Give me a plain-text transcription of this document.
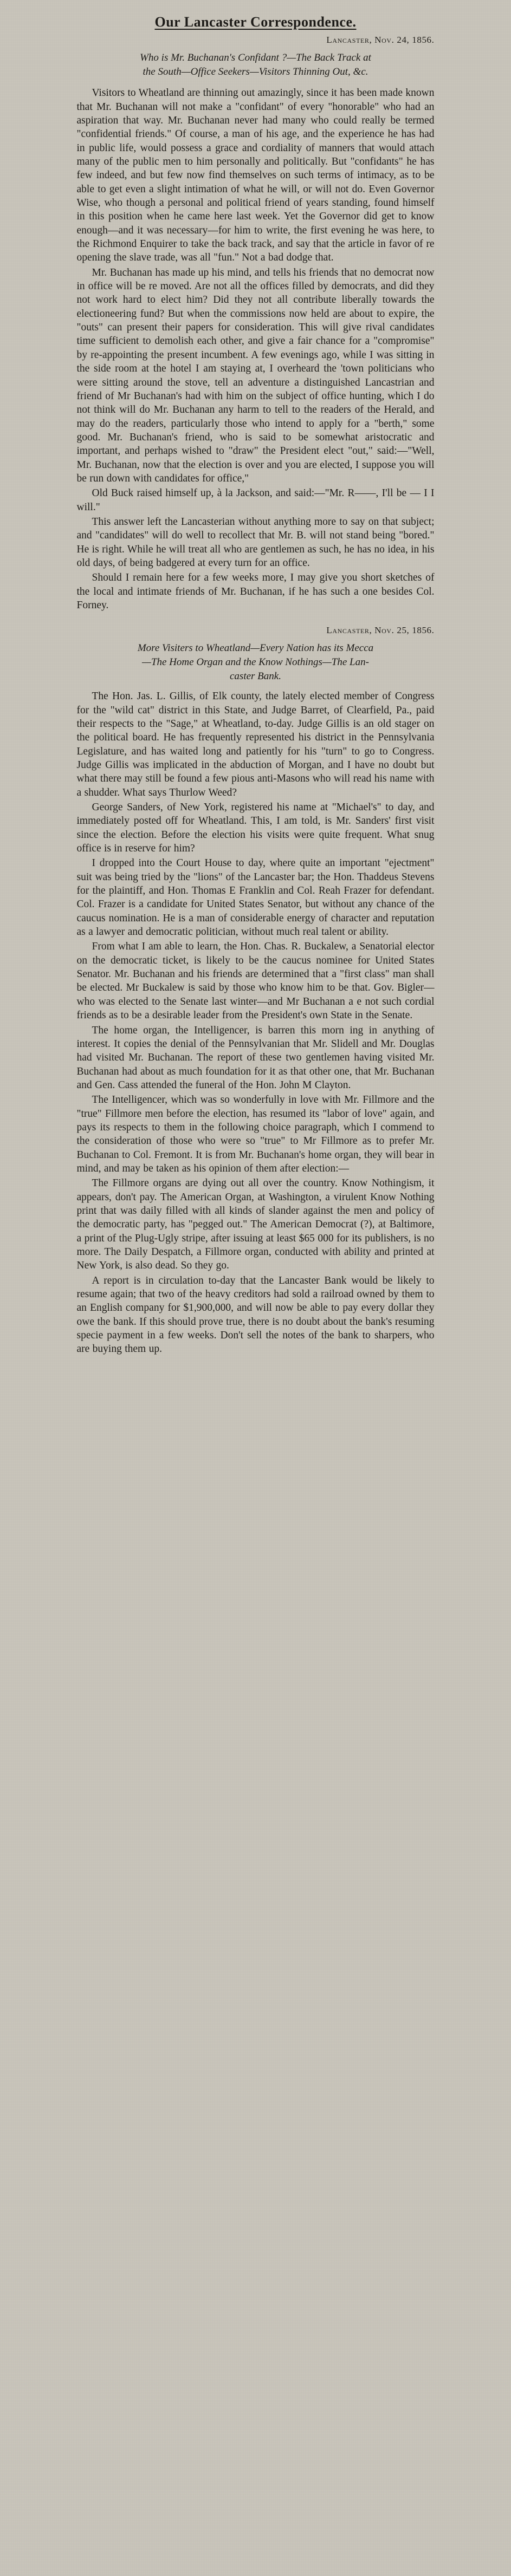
Our Lancaster Correspondence.
Lancaster, Nov. 24, 1856.
Who is Mr. Buchanan's Confidant ?—The Back Track at
the South—Office Seekers—Visitors Thinning Out, &c.

Visitors to Wheatland are thinning out amazingly, since it has been made known that Mr. Buchanan will not make a "confidant" of every "honorable" who had an aspiration that way. Mr. Buchanan never had many who could really be termed "confidential friends." Of course, a man of his age, and the experience he has had in public life, would possess a grace and cordiality of manners that would attach many of the public men to him personally and politically. But "confidants" he has few indeed, and but few now find themselves on such terms of intimacy, as to be able to get even a slight intimation of what he will, or will not do. Even Governor Wise, who though a personal and political friend of years standing, found himself in this position when he came here last week. Yet the Governor did get to know enough—and it was necessary—for him to write, the first evening he was here, to the Richmond Enquirer to take the back track, and say that the article in favor of re opening the slave trade, was all "fun." Not a bad dodge that.

Mr. Buchanan has made up his mind, and tells his friends that no democrat now in office will be re moved. Are not all the offices filled by democrats, and did they not work hard to elect him? Did they not all contribute liberally towards the electioneering fund? But when the commissions now held are about to expire, the "outs" can present their papers for consideration. This will give rival candidates time sufficient to demolish each other, and give a fair chance for a "compromise" by re-appointing the present incumbent. A few evenings ago, while I was sitting in the side room at the hotel I am staying at, I overheard the 'town politicians who were sitting around the stove, tell an adventure a distinguished Lancastrian and friend of Mr Buchanan's had with him on the subject of office hunting, which I do not think will do Mr. Buchanan any harm to tell to the readers of the Herald, and may do the readers, particularly those who intend to apply for a "berth," some good. Mr. Buchanan's friend, who is said to be somewhat aristocratic and important, and perhaps wished to "draw" the President elect "out," said:—"Well, Mr. Buchanan, now that the election is over and you are elected, I suppose you will be run down with candidates for office,"

Old Buck raised himself up, à la Jackson, and said:—"Mr. R——, I'll be — I I will."

This answer left the Lancasterian without anything more to say on that subject; and "candidates" will do well to recollect that Mr. B. will not stand being "bored." He is right. While he will treat all who are gentlemen as such, he has no idea, in his old days, of being badgered at every turn for an office.

Should I remain here for a few weeks more, I may give you short sketches of the local and intimate friends of Mr. Buchanan, if he has such a one besides Col. Forney.

Lancaster, Nov. 25, 1856.
More Visiters to Wheatland—Every Nation has its Mecca
—The Home Organ and the Know Nothings—The Lan-
caster Bank.

The Hon. Jas. L. Gillis, of Elk county, the lately elected member of Congress for the "wild cat" district in this State, and Judge Barret, of Clearfield, Pa., paid their respects to the "Sage," at Wheatland, to-day. Judge Gillis is an old stager on the political board. He has frequently represented his district in the Pennsylvania Legislature, and has waited long and patiently for his "turn" to go to Congress. Judge Gillis was implicated in the abduction of Morgan, and I have no doubt but what there may still be found a few pious anti-Masons who will read his name with a shudder. What says Thurlow Weed?

George Sanders, of New York, registered his name at "Michael's" to day, and immediately posted off for Wheatland. This, I am told, is Mr. Sanders' first visit since the election. Before the election his visits were quite frequent. What snug office is in reserve for him?

I dropped into the Court House to day, where quite an important "ejectment" suit was being tried by the "lions" of the Lancaster bar; the Hon. Thaddeus Stevens for the plaintiff, and Hon. Thomas E Franklin and Col. Reah Frazer for defendant. Col. Frazer is a candidate for United States Senator, but without any chance of the caucus nomination. He is a man of considerable energy of character and reputation as a lawyer and democratic politician, without much real talent or ability.

From what I am able to learn, the Hon. Chas. R. Buckalew, a Senatorial elector on the democratic ticket, is likely to be the caucus nominee for United States Senator. Mr. Buchanan and his friends are determined that a "first class" man shall be elected. Mr Buckalew is said by those who know him to be that. Gov. Bigler—who was elected to the Senate last winter—and Mr Buchanan a e not such cordial friends as to be a desirable leader from the President's own State in the Senate.

The home organ, the Intelligencer, is barren this morn ing in anything of interest. It copies the denial of the Pennsylvanian that Mr. Slidell and Mr. Douglas had visited Mr. Buchanan. The report of these two gentlemen having visited Mr. Buchanan had about as much foundation for it as that other one, that Mr. Buchanan and Gen. Cass attended the funeral of the Hon. John M Clayton.

The Intelligencer, which was so wonderfully in love with Mr. Fillmore and the "true" Fillmore men before the election, has resumed its "labor of love" again, and pays its respects to them in the following choice paragraph, which I commend to the consideration of those who were so "true" to Mr Fillmore as to prefer Mr. Buchanan to Col. Fremont. It is from Mr. Buchanan's home organ, they will bear in mind, and may be taken as his opinion of them after election:—

The Fillmore organs are dying out all over the country. Know Nothingism, it appears, don't pay. The American Organ, at Washington, a virulent Know Nothing print that was daily filled with all kinds of slander against the men and policy of the democratic party, has "pegged out." The American Democrat (?), at Baltimore, a print of the Plug-Ugly stripe, after issuing at least $65 000 for its publishers, is no more. The Daily Despatch, a Fillmore organ, conducted with ability and printed at New York, is also dead. So they go.

A report is in circulation to-day that the Lancaster Bank would be likely to resume again; that two of the heavy creditors had sold a railroad owned by them to an English company for $1,900,000, and will now be able to pay every dollar they owe the bank. If this should prove true, there is no doubt about the bank's resuming specie payment in a few weeks. Don't sell the notes of the bank to sharpers, who are buying them up.
